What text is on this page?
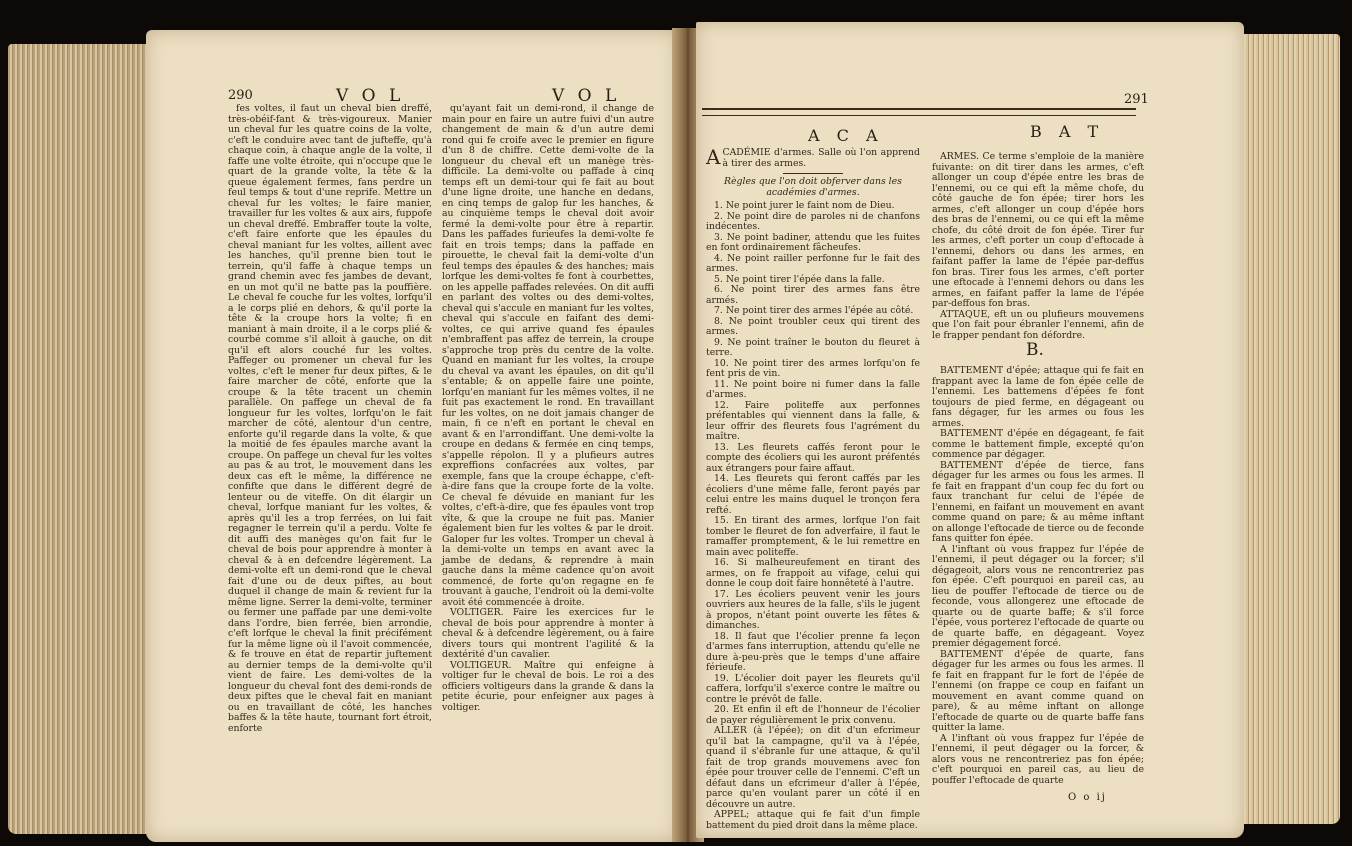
290	V O L	V O L

fes voltes, il faut un cheval bien dreffé, très-obéif-fant & très-vigoureux. Manier un cheval fur les quatre coins de la volte, c'eft le conduire avec tant de jufteffe, qu'à chaque coin, à chaque angle de la volte, il faffe une volte étroite, qui n'occupe que le quart de la grande volte, la tête & la queue également fermes, fans perdre un feul temps & tout d'une reprife. Mettre un cheval fur les voltes; le faire manier, travailler fur les voltes & aux airs, fuppofe un cheval dreffé. Embraffer toute la volte, c'eft faire enforte que les épaules du cheval maniant fur les voltes, aillent avec les hanches, qu'il prenne bien tout le terrein, qu'il faffe à chaque temps un grand chemin avec fes jambes de devant, en un mot qu'il ne batte pas la pouffière. Le cheval fe couche fur les voltes, lorfqu'il a le corps plié en dehors, & qu'il porte la tête & la croupe hors la volte; fi en maniant à main droite, il a le corps plié & courbé comme s'il alloit à gauche, on dit qu'il eft alors couché fur les voltes. Paffeger ou promener un cheval fur les voltes, c'eft le mener fur deux piftes, & le faire marcher de côté, enforte que la croupe & la tête tracent un chemin parallèle. On paffege un cheval de fa longueur fur les voltes, lorfqu'on le fait marcher de côté, alentour d'un centre, enforte qu'il regarde dans la volte, & que la moitié de fes épaules marche avant la croupe. On paffege un cheval fur les voltes au pas & au trot, le mouvement dans les deux cas eft le même, la différence ne confifte que dans le différent degré de lenteur ou de viteffe. On dit élargir un cheval, lorfque maniant fur les voltes, & après qu'il les a trop ferrées, on lui fait regagner le terrein qu'il a perdu. Volte fe dit auffi des manèges qu'on fait fur le cheval de bois pour apprendre à monter à cheval & à en defcendre légèrement. La demi-volte eft un demi-rond que le cheval fait d'une ou de deux piftes, au bout duquel il change de main & revient fur la même ligne. Serrer la demi-volte, terminer ou fermer une paffade par une demi-volte dans l'ordre, bien ferrée, bien arrondie, c'eft lorfque le cheval la finit précifément fur la même ligne où il l'avoit commencée, & fe trouve en état de repartir juftement au dernier temps de la demi-volte qu'il vient de faire. Les demi-voltes de la longueur du cheval font des demi-ronds de deux piftes que le cheval fait en maniant ou en travaillant de côté, les hanches baffes & la tête haute, tournant fort étroit, enforte

qu'ayant fait un demi-rond, il change de main pour en faire un autre fuivi d'un autre changement de main & d'un autre demi rond qui fe croife avec le premier en figure d'un 8 de chiffre. Cette demi-volte de la longueur du cheval eft un manège très-difficile. La demi-volte ou paffade à cinq temps eft un demi-tour qui fe fait au bout d'une ligne droite, une hanche en dedans, en cinq temps de galop fur les hanches, & au cinquième temps le cheval doit avoir fermé la demi-volte pour être à repartir. Dans les paffades furieufes la demi-volte fe fait en trois temps; dans la paffade en pirouette, le cheval fait la demi-volte d'un feul temps des épaules & des hanches; mais lorfque les demi-voltes fe font à courbettes, on les appelle paffades relevées. On dit auffi en parlant des voltes ou des demi-voltes, cheval qui s'accule en maniant fur les voltes, cheval qui s'accule en faifant des demi-voltes, ce qui arrive quand fes épaules n'embraffent pas affez de terrein, la croupe s'approche trop près du centre de la volte. Quand en maniant fur les voltes, la croupe du cheval va avant les épaules, on dit qu'il s'entable; & on appelle faire une pointe, lorfqu'en maniant fur les mêmes voltes, il ne fuit pas exactement le rond. En travaillant fur les voltes, on ne doit jamais changer de main, fi ce n'eft en portant le cheval en avant & en l'arrondiffant. Une demi-volte la croupe en dedans & fermée en cinq temps, s'appelle répolon. Il y a plufieurs autres expreffions confacrées aux voltes, par exemple, fans que la croupe échappe, c'eft-à-dire fans que la croupe forte de la volte. Ce cheval fe dévuide en maniant fur les voltes, c'eft-à-dire, que fes épaules vont trop vîte, & que la croupe ne fuit pas. Manier également bien fur les voltes & par le droit. Galoper fur les voltes. Tromper un cheval à la demi-volte un temps en avant avec la jambe de dedans, & reprendre à main gauche dans la même cadence qu'on avoit commencé, de forte qu'on regagne en fe trouvant à gauche, l'endroit où la demi-volte avoit été commencée à droite.

VOLTIGER. Faire les exercices fur le cheval de bois pour apprendre à monter à cheval & à defcendre légèrement, ou à faire divers tours qui montrent l'agilité & la dextérité d'un cavalier.

VOLTIGEUR. Maître qui enfeigne à voltiger fur le cheval de bois. Le roi a des officiers voltigeurs dans la grande & dans la petite écurie, pour enfeigner aux pages à voltiger.

291
A C A	B A T
A CADÉMIE d'armes. Salle où l'on apprend à tirer des armes.

Règles que l'on doit obferver dans les académies d'armes.

1. Ne point jurer le faint nom de Dieu.

2. Ne point dire de paroles ni de chanfons indécentes.

3. Ne point badiner, attendu que les fuites en font ordinairement fâcheufes.

4. Ne point railler perfonne fur le fait des armes.

5. Ne point tirer l'épée dans la falle.

6. Ne point tirer des armes fans être armés.

7. Ne point tirer des armes l'épée au côté.

8. Ne point troubler ceux qui tirent des armes.

9. Ne point traîner le bouton du fleuret à terre.

10. Ne point tirer des armes lorfqu'on fe fent pris de vin.

11. Ne point boire ni fumer dans la falle d'armes.

12. Faire politeffe aux perfonnes préfentables qui viennent dans la falle, & leur offrir des fleurets fous l'agrément du maître.

13. Les fleurets caffés feront pour le compte des écoliers qui les auront préfentés aux étrangers pour faire affaut.

14. Les fleurets qui feront caffés par les écoliers d'une même falle, feront payés par celui entre les mains duquel le tronçon fera refté.

15. En tirant des armes, lorfque l'on fait tomber le fleuret de fon adverfaire, il faut le ramaffer promptement, & le lui remettre en main avec politeffe.

16. Si malheureufement en tirant des armes, on fe frappoit au vifage, celui qui donne le coup doit faire honnêteté à l'autre.

17. Les écoliers peuvent venir les jours ouvriers aux heures de la falle, s'ils le jugent à propos, n'étant point ouverte les fêtes & dimanches.

18. Il faut que l'écolier prenne fa leçon d'armes fans interruption, attendu qu'elle ne dure à-peu-près que le temps d'une affaire férieufe.

19. L'écolier doit payer les fleurets qu'il caffera, lorfqu'il s'exerce contre le maître ou contre le prévôt de falle.

20. Et enfin il eft de l'honneur de l'écolier de payer régulièrement le prix convenu.

ALLER (à l'épée); on dit d'un efcrimeur qu'il bat la campagne, qu'il va à l'épée, quand il s'ébranle fur une attaque, & qu'il fait de trop grands mouvemens avec fon épée pour trouver celle de l'ennemi. C'eft un défaut dans un efcrimeur d'aller à l'épée, parce qu'en voulant parer un côté il en découvre un autre.

APPEL; attaque qui fe fait d'un fimple battement du pied droit dans la même place.

ARMES. Ce terme s'emploie de la manière fuivante: on dit tirer dans les armes, c'eft allonger un coup d'épée entre les bras de l'ennemi, ou ce qui eft la même chofe, du côté gauche de fon épée; tirer hors les armes, c'eft allonger un coup d'épée hors des bras de l'ennemi, ou ce qui eft la même chofe, du côté droit de fon épée. Tirer fur les armes, c'eft porter un coup d'eftocade à l'ennemi, dehors ou dans les armes, en faifant paffer la lame de l'épée par-deffus fon bras. Tirer fous les armes, c'eft porter une eftocade à l'ennemi dehors ou dans les armes, en faifant paffer la lame de l'épée par-deffous fon bras.

ATTAQUE, eft un ou plufieurs mouvemens que l'on fait pour ébranler l'ennemi, afin de le frapper pendant fon défordre.

B.

BATTEMENT d'épée; attaque qui fe fait en frappant avec la lame de fon épée celle de l'ennemi. Les battemens d'épées fe font toujours de pied ferme, en dégageant ou fans dégager, fur les armes ou fous les armes.

BATTEMENT d'épée en dégageant, fe fait comme le battement fimple, excepté qu'on commence par dégager.

BATTEMENT d'épée de tierce, fans dégager fur les armes ou fous les armes. Il fe fait en frappant d'un coup fec du fort ou faux tranchant fur celui de l'épée de l'ennemi, en faifant un mouvement en avant comme quand on pare; & au même inftant on allonge l'eftocade de tierce ou de feconde fans quitter fon épée.

A l'inftant où vous frappez fur l'épée de l'ennemi, il peut dégager ou la forcer; s'il dégageoit, alors vous ne rencontreriez pas fon épée. C'eft pourquoi en pareil cas, au lieu de pouffer l'eftocade de tierce ou de feconde, vous allongerez une eftocade de quarte ou de quarte baffe; & s'il force l'épée, vous porterez l'eftocade de quarte ou de quarte baffe, en dégageant. Voyez premier dégagement forcé.

BATTEMENT d'épée de quarte, fans dégager fur les armes ou fous les armes. Il fe fait en frappant fur le fort de l'épée de l'ennemi (on frappe ce coup en faifant un mouvement en avant comme quand on pare), & au même inftant on allonge l'eftocade de quarte ou de quarte baffe fans quitter la lame.

A l'inftant où vous frappez fur l'épée de l'ennemi, il peut dégager ou la forcer, & alors vous ne rencontreriez pas fon épée; c'eft pourquoi en pareil cas, au lieu de pouffer l'eftocade de quarte

O o ij
